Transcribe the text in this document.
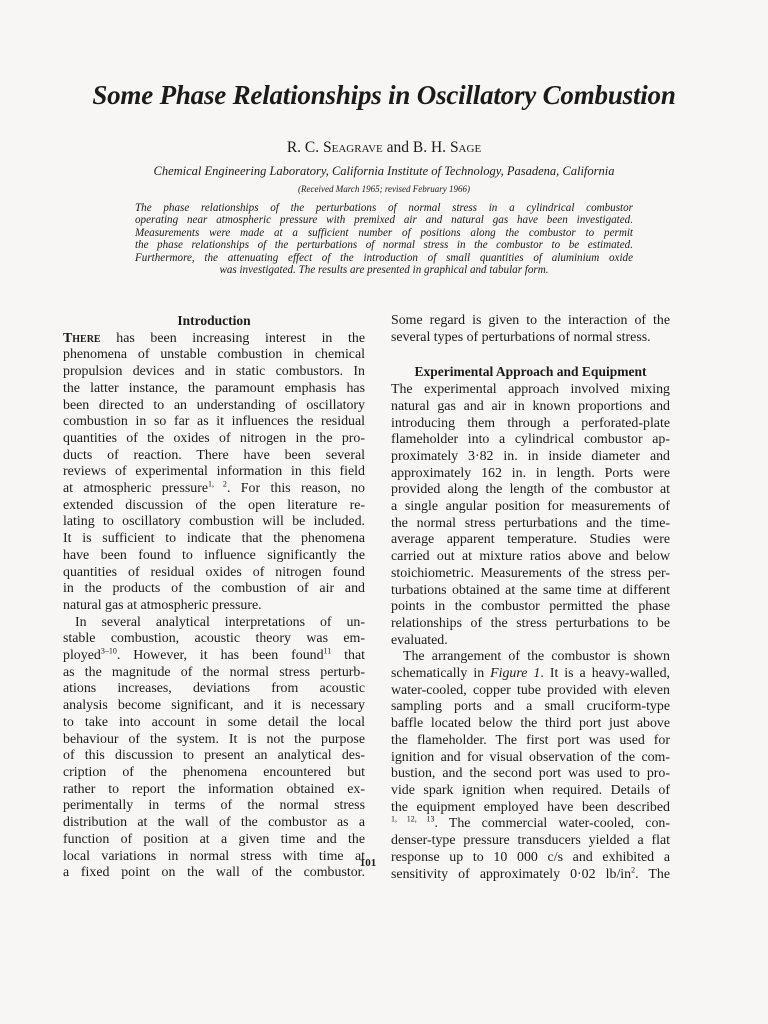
Some Phase Relationships in Oscillatory Combustion
R. C. Seagrave and B. H. Sage
Chemical Engineering Laboratory, California Institute of Technology, Pasadena, California
(Received March 1965; revised February 1966)
The phase relationships of the perturbations of normal stress in a cylindrical combustor
operating near atmospheric pressure with premixed air and natural gas have been investigated.
Measurements were made at a sufficient number of positions along the combustor to permit
the phase relationships of the perturbations of normal stress in the combustor to be estimated.
Furthermore, the attenuating effect of the introduction of small quantities of aluminium oxide
was investigated. The results are presented in graphical and tabular form.
Introduction
There has been increasing interest in the
phenomena of unstable combustion in chemical
propulsion devices and in static combustors. In
the latter instance, the paramount emphasis has
been directed to an understanding of oscillatory
combustion in so far as it influences the residual
quantities of the oxides of nitrogen in the pro-
ducts of reaction. There have been several
reviews of experimental information in this field
at atmospheric pressure$^{1, 2}$. For this reason, no
extended discussion of the open literature re-
lating to oscillatory combustion will be included.
It is sufficient to indicate that the phenomena
have been found to influence significantly the
quantities of residual oxides of nitrogen found
in the products of the combustion of air and
natural gas at atmospheric pressure.
In several analytical interpretations of un-
stable combustion, acoustic theory was em-
ployed$^{3-10}$. However, it has been found$^{11}$ that
as the magnitude of the normal stress perturb-
ations increases, deviations from acoustic
analysis become significant, and it is necessary
to take into account in some detail the local
behaviour of the system. It is not the purpose
of this discussion to present an analytical des-
cription of the phenomena encountered but
rather to report the information obtained ex-
perimentally in terms of the normal stress
distribution at the wall of the combustor as a
function of position at a given time and the
local variations in normal stress with time at
a fixed point on the wall of the combustor.
Some regard is given to the interaction of the
several types of perturbations of normal stress.
Experimental Approach and Equipment
The experimental approach involved mixing
natural gas and air in known proportions and
introducing them through a perforated-plate
flameholder into a cylindrical combustor ap-
proximately 3·82 in. in inside diameter and
approximately 162 in. in length. Ports were
provided along the length of the combustor at
a single angular position for measurements of
the normal stress perturbations and the time-
average apparent temperature. Studies were
carried out at mixture ratios above and below
stoichiometric. Measurements of the stress per-
turbations obtained at the same time at different
points in the combustor permitted the phase
relationships of the stress perturbations to be
evaluated.
The arrangement of the combustor is shown
schematically in Figure 1. It is a heavy-walled,
water-cooled, copper tube provided with eleven
sampling ports and a small cruciform-type
baffle located below the third port just above
the flameholder. The first port was used for
ignition and for visual observation of the com-
bustion, and the second port was used to pro-
vide spark ignition when required. Details of
the equipment employed have been described
$^{1, 12, 13}$. The commercial water-cooled, con-
denser-type pressure transducers yielded a flat
response up to 10 000 c/s and exhibited a
sensitivity of approximately 0·02 $lb/in^2$. The
101
